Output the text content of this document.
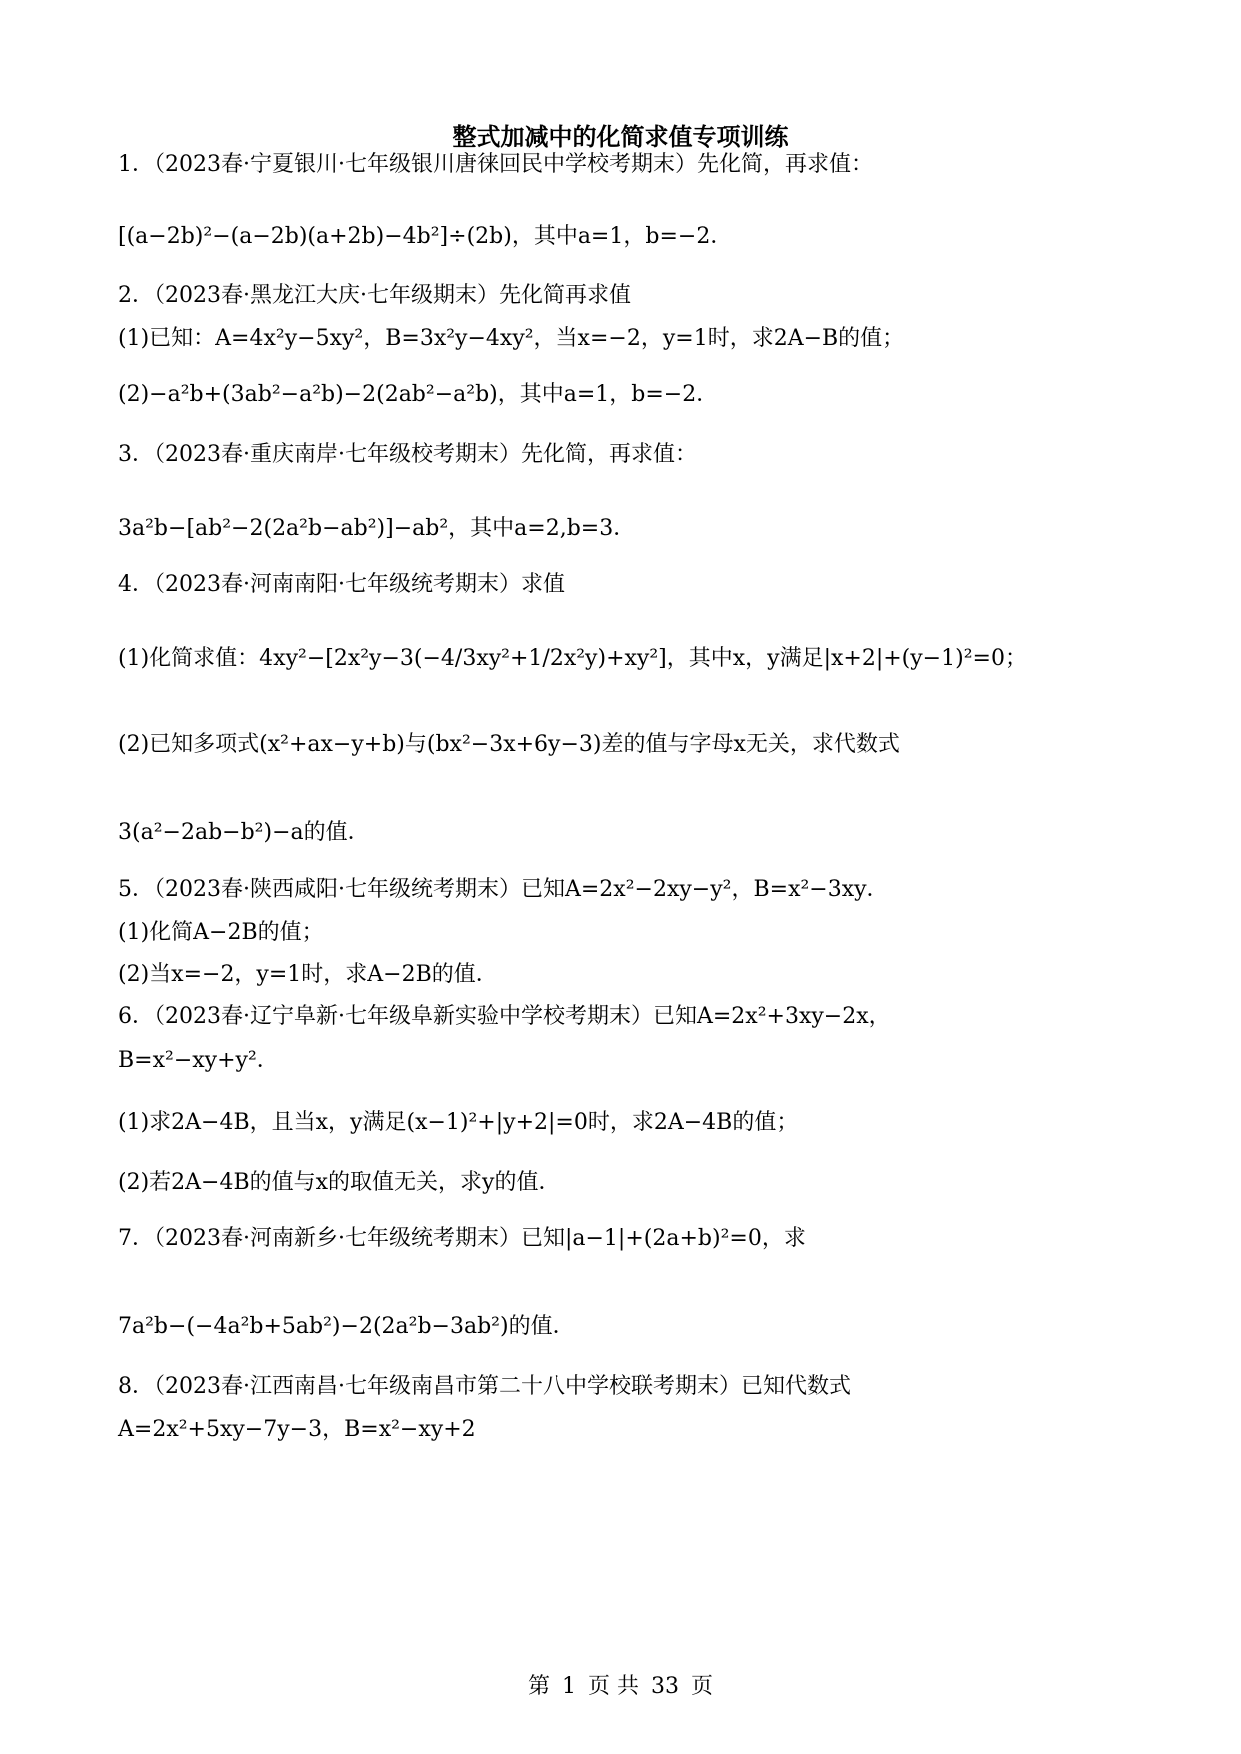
整式加减中的化简求值专项训练
1．（2023春·宁夏银川·七年级银川唐徕回民中学校考期末）先化简，再求值：
[(a−2b)²−(a−2b)(a+2b)−4b²]÷(2b)，其中a=1，b=−2．
2．（2023春·黑龙江大庆·七年级期末）先化简再求值
(1)已知：A=4x²y−5xy²，B=3x²y−4xy²，当x=−2，y=1时，求2A−B的值；
(2)−a²b+(3ab²−a²b)−2(2ab²−a²b)，其中a=1，b=−2．
3．（2023春·重庆南岸·七年级校考期末）先化简，再求值：
3a²b−[ab²−2(2a²b−ab²)]−ab²，其中a=2,b=3．
4．（2023春·河南南阳·七年级统考期末）求值
(1)化简求值：4xy²−[2x²y−3(−4/3xy²+1/2x²y)+xy²]，其中x，y满足|x+2|+(y−1)²=0；
(2)已知多项式(x²+ax−y+b)与(bx²−3x+6y−3)差的值与字母x无关，求代数式
3(a²−2ab−b²)−a的值．
5．（2023春·陕西咸阳·七年级统考期末）已知A=2x²−2xy−y²，B=x²−3xy．
(1)化简A−2B的值；
(2)当x=−2，y=1时，求A−2B的值．
6．（2023春·辽宁阜新·七年级阜新实验中学校考期末）已知A=2x²+3xy−2x，
B=x²−xy+y²．
(1)求2A−4B，且当x，y满足(x−1)²+|y+2|=0时，求2A−4B的值；
(2)若2A−4B的值与x的取值无关，求y的值．
7．（2023春·河南新乡·七年级统考期末）已知|a−1|+(2a+b)²=0，求
7a²b−(−4a²b+5ab²)−2(2a²b−3ab²)的值．
8．（2023春·江西南昌·七年级南昌市第二十八中学校联考期末）已知代数式
A=2x²+5xy−7y−3，B=x²−xy+2
第 1 页 共 33 页
